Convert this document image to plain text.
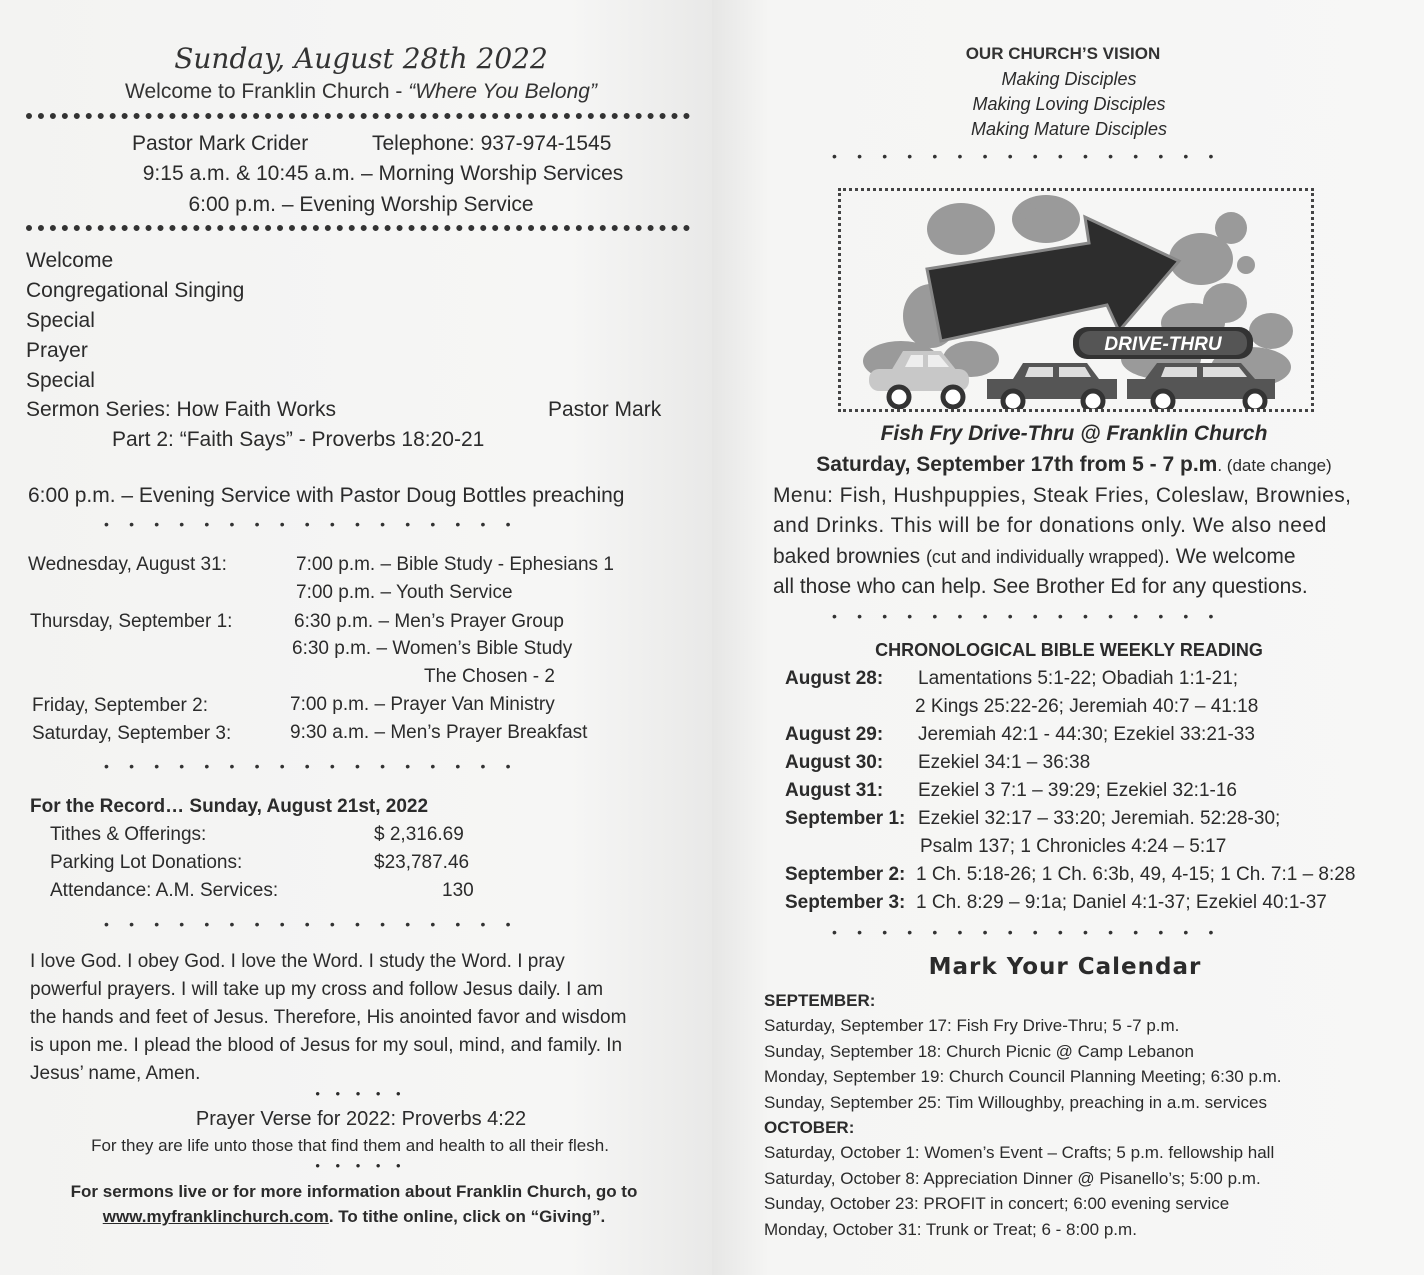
Sunday, August 28th 2022
Welcome to Franklin Church - “Where You Belong”
Pastor Mark Crider	Telephone: 937-974-1545
9:15 a.m. & 10:45 a.m. – Morning Worship Services
6:00 p.m. – Evening Worship Service
Welcome
Congregational Singing
Special
Prayer
Special
Sermon Series: How Faith Works	Pastor Mark
Part 2: “Faith Says” - Proverbs 18:20-21
6:00 p.m. – Evening Service with Pastor Doug Bottles preaching
•••••••••••••••••
Wednesday, August 31:	7:00 p.m. – Bible Study - Ephesians 1
7:00 p.m. – Youth Service
Thursday, September 1:	6:30 p.m. – Men’s Prayer Group
6:30 p.m. – Women’s Bible Study
The Chosen - 2
Friday, September 2:	7:00 p.m. – Prayer Van Ministry
Saturday, September 3:	9:30 a.m. – Men’s Prayer Breakfast
•••••••••••••••••
For the Record… Sunday, August 21st, 2022
Tithes & Offerings:	$ 2,316.69
Parking Lot Donations:	$23,787.46
Attendance: A.M. Services:	130
•••••••••••••••••
I love God. I obey God. I love the Word. I study the Word. I pray
powerful prayers. I will take up my cross and follow Jesus daily. I am
the hands and feet of Jesus. Therefore, His anointed favor and wisdom
is upon me. I plead the blood of Jesus for my soul, mind, and family. In
Jesus’ name, Amen.
• • • • •
Prayer Verse for 2022: Proverbs 4:22
For they are life unto those that find them and health to all their flesh.
• • • • •
For sermons live or for more information about Franklin Church, go to
www.myfranklinchurch.com. To tithe online, click on “Giving”.
OUR CHURCH’S VISION
Making Disciples
Making Loving Disciples
Making Mature Disciples
••••••••••••••••
DRIVE-THRU
Fish Fry Drive-Thru @ Franklin Church
Saturday, September 17th from 5 - 7 p.m. (date change)
Menu: Fish, Hushpuppies, Steak Fries, Coleslaw, Brownies,
and Drinks. This will be for donations only. We also need
baked brownies (cut and individually wrapped). We welcome
all those who can help. See Brother Ed for any questions.
••••••••••••••••
CHRONOLOGICAL BIBLE WEEKLY READING
August 28: Lamentations 5:1-22; Obadiah 1:1-21;
2 Kings 25:22-26; Jeremiah 40:7 – 41:18
August 29: Jeremiah 42:1 - 44:30; Ezekiel 33:21-33
August 30: Ezekiel 34:1 – 36:38
August 31: Ezekiel 3 7:1 – 39:29; Ezekiel 32:1-16
September 1: Ezekiel 32:17 – 33:20; Jeremiah. 52:28-30;
Psalm 137; 1 Chronicles 4:24 – 5:17
September 2: 1 Ch. 5:18-26; 1 Ch. 6:3b, 49, 4-15; 1 Ch. 7:1 – 8:28
September 3: 1 Ch. 8:29 – 9:1a; Daniel 4:1-37; Ezekiel 40:1-37
••••••••••••••••
Mark Your Calendar
SEPTEMBER:
Saturday, September 17: Fish Fry Drive-Thru; 5 -7 p.m.
Sunday, September 18: Church Picnic @ Camp Lebanon
Monday, September 19: Church Council Planning Meeting; 6:30 p.m.
Sunday, September 25: Tim Willoughby, preaching in a.m. services
OCTOBER:
Saturday, October 1: Women’s Event – Crafts; 5 p.m. fellowship hall
Saturday, October 8: Appreciation Dinner @ Pisanello’s; 5:00 p.m.
Sunday, October 23: PROFIT in concert; 6:00 evening service
Monday, October 31: Trunk or Treat; 6 - 8:00 p.m.
